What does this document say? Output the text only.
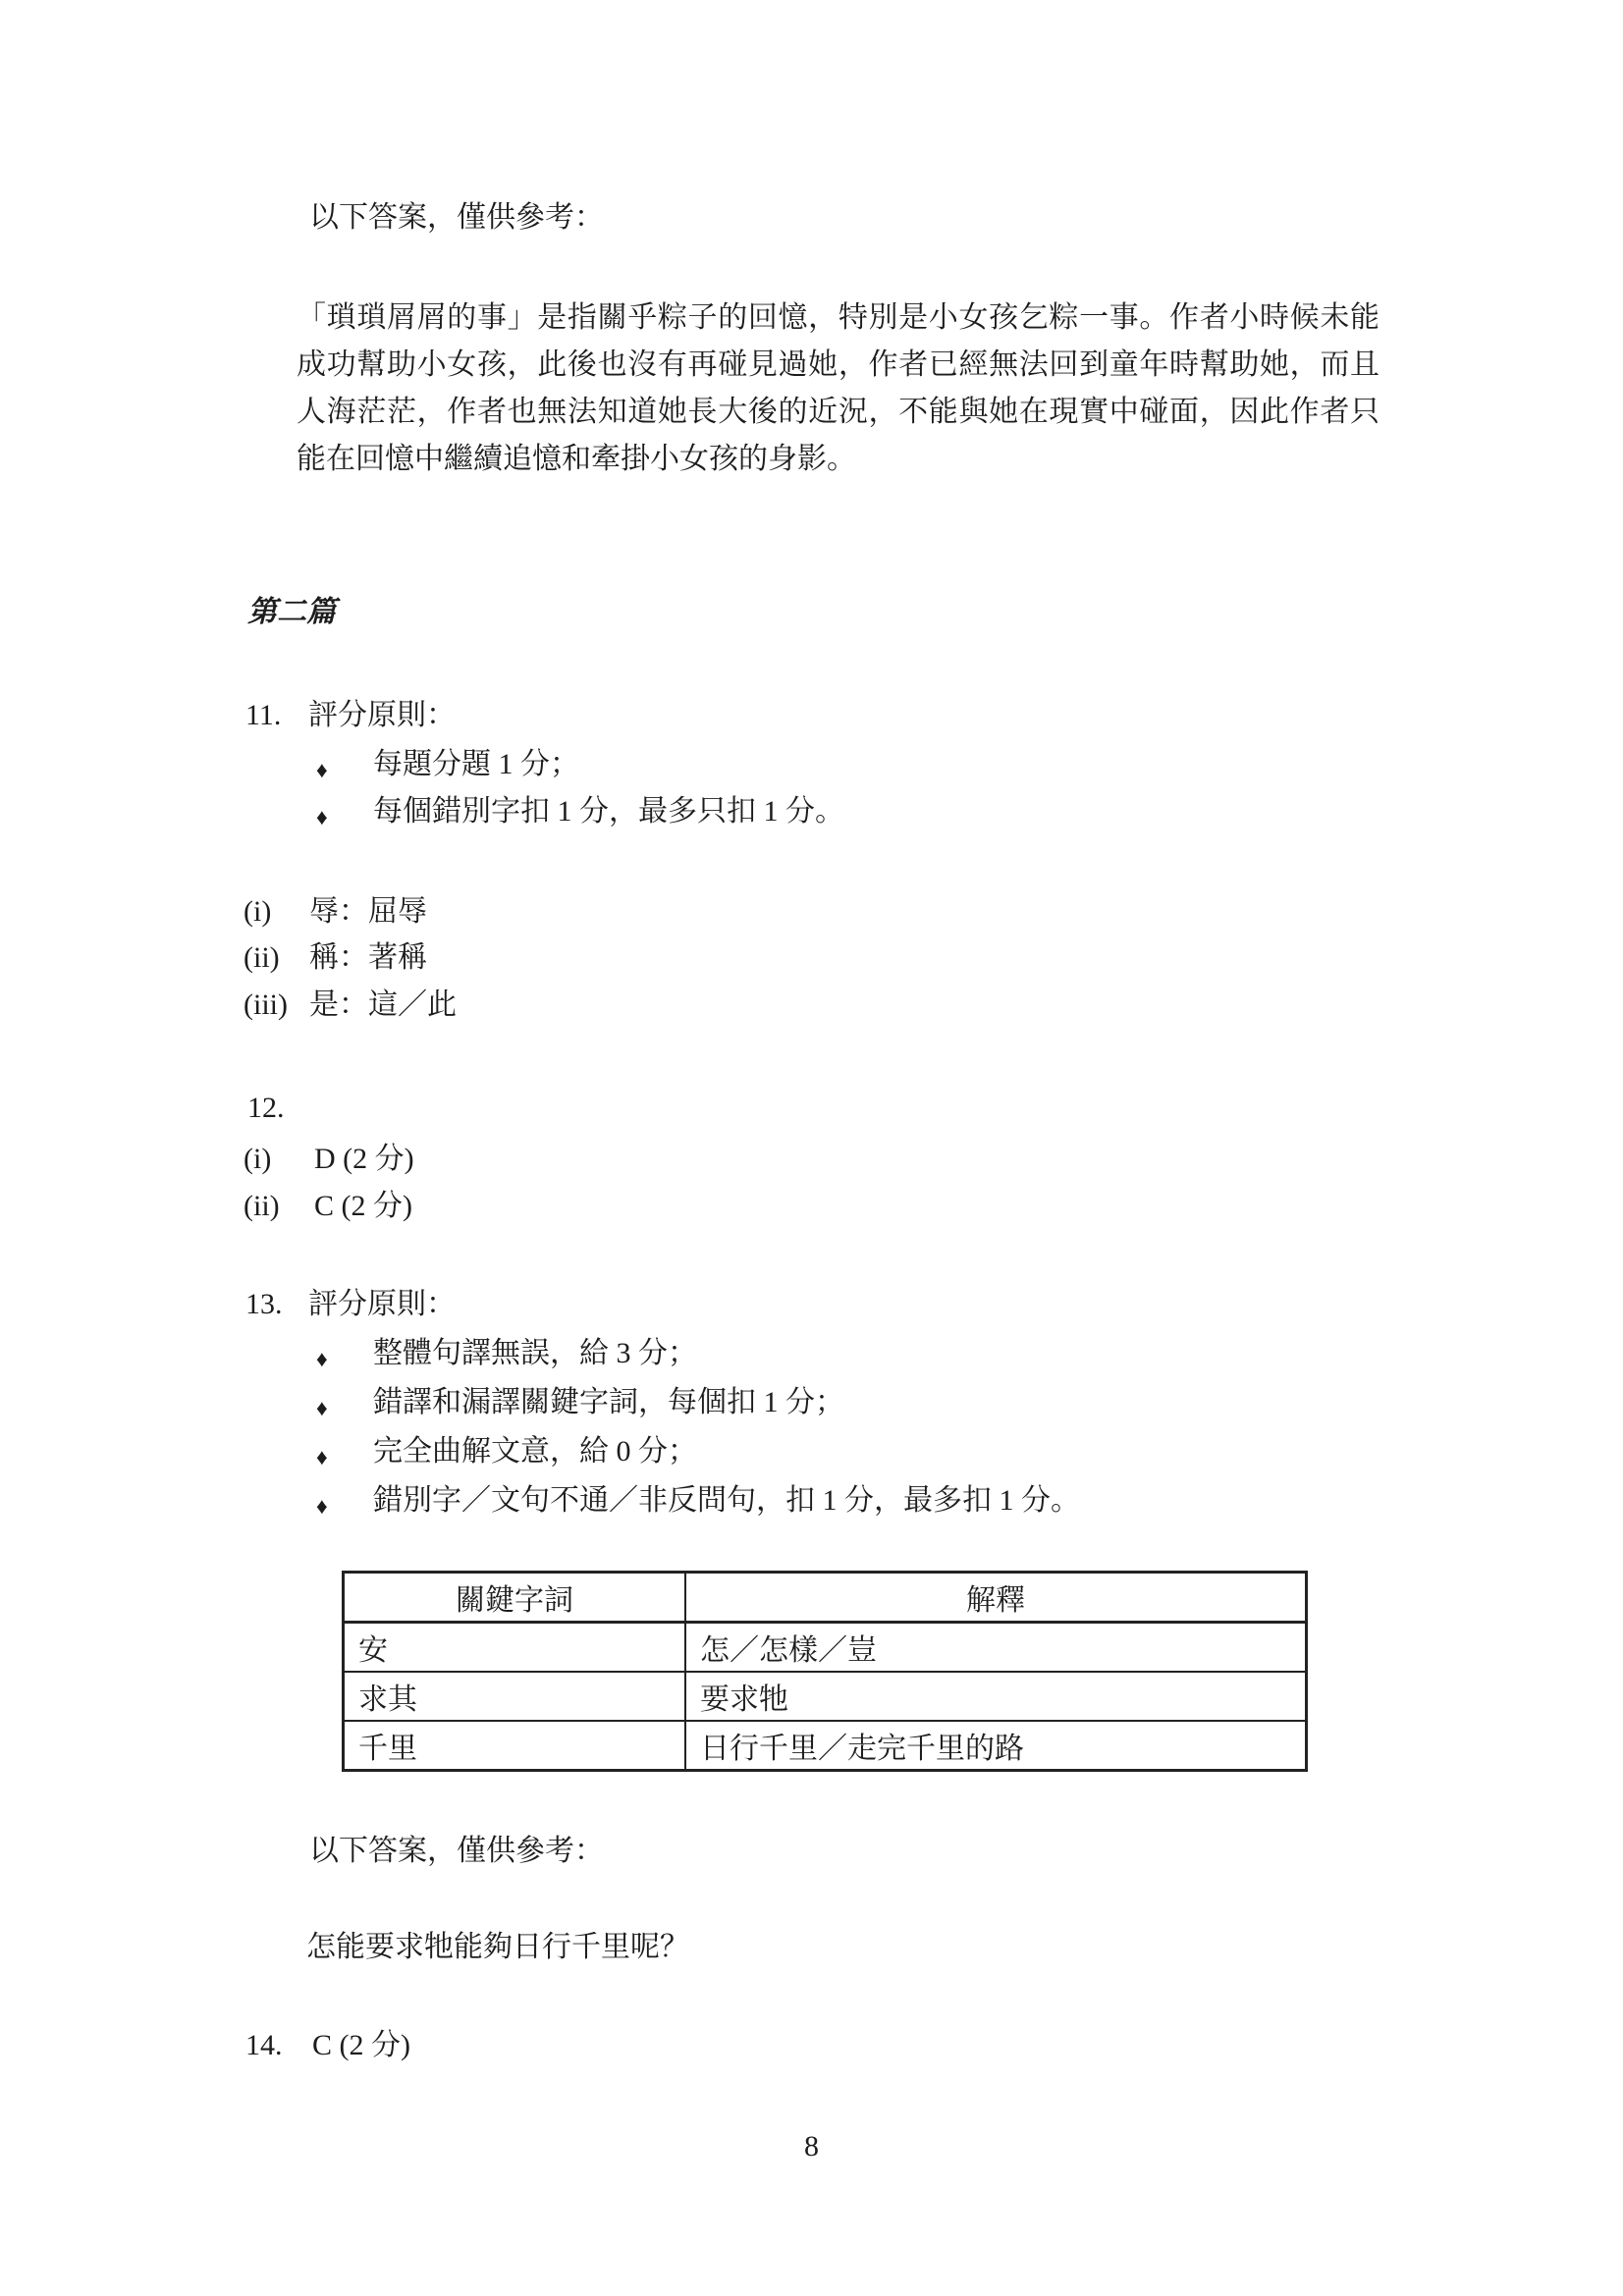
以下答案，僅供參考：
「瑣瑣屑屑的事」是指關乎粽子的回憶，特別是小女孩乞粽一事。作者小時候未能
成功幫助小女孩，此後也沒有再碰見過她，作者已經無法回到童年時幫助她，而且
人海茫茫，作者也無法知道她長大後的近況，不能與她在現實中碰面，因此作者只
能在回憶中繼續追憶和牽掛小女孩的身影。
第二篇
11. 評分原則：
♦ 每題分題 1 分；
♦ 每個錯別字扣 1 分，最多只扣 1 分。
(i) 辱：屈辱
(ii) 稱：著稱
(iii) 是：這／此
12.
(i) D (2 分)
(ii) C (2 分)
13. 評分原則：
♦ 整體句譯無誤，給 3 分；
♦ 錯譯和漏譯關鍵字詞，每個扣 1 分；
♦ 完全曲解文意，給 0 分；
♦ 錯別字／文句不通／非反問句，扣 1 分，最多扣 1 分。
關鍵字詞	解釋
安	怎／怎樣／豈
求其	要求牠
千里	日行千里／走完千里的路
以下答案，僅供參考：
怎能要求牠能夠日行千里呢？
14. C (2 分)
8
